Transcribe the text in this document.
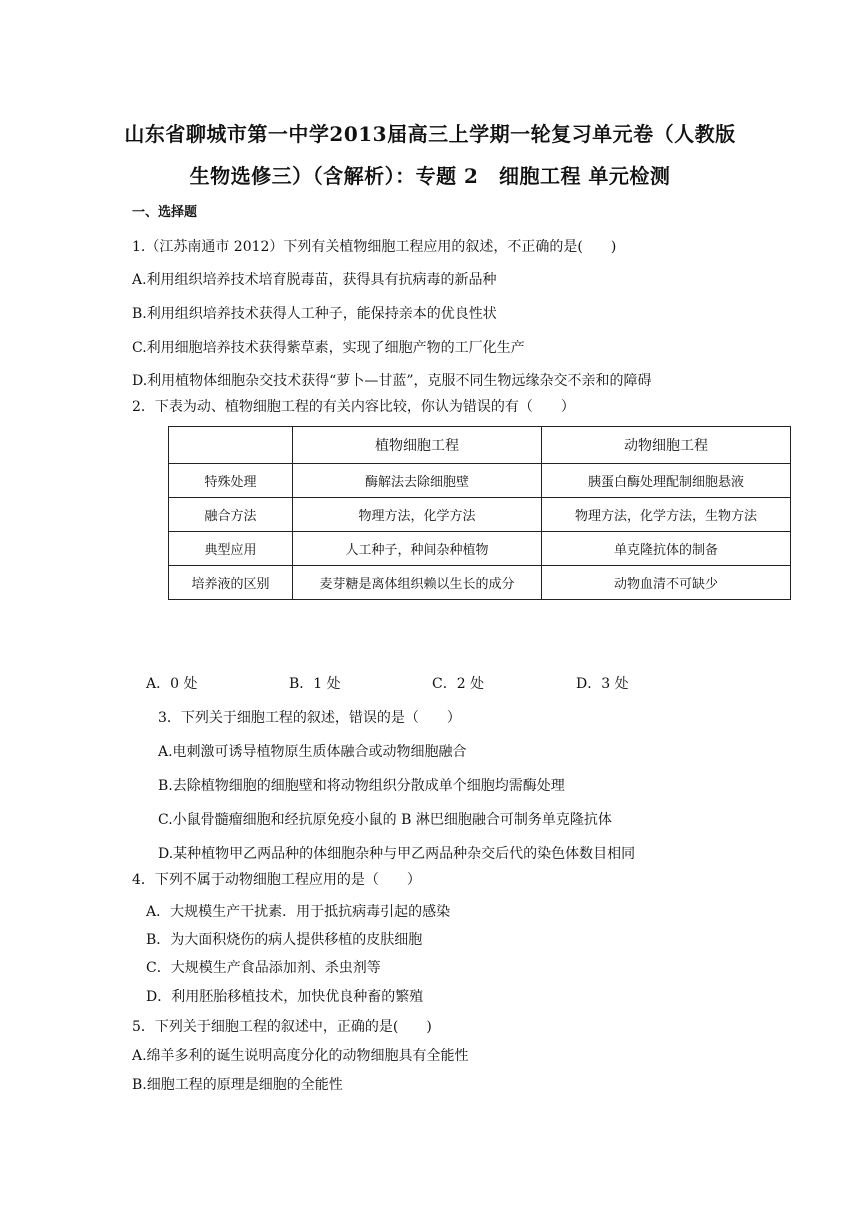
山东省聊城市第一中学2013届高三上学期一轮复习单元卷（人教版
生物选修三）（含解析）：专题 2　细胞工程 单元检测
一、选择题
1.（江苏南通市 2012）下列有关植物细胞工程应用的叙述，不正确的是(　　)
A.利用组织培养技术培育脱毒苗，获得具有抗病毒的新品种
B.利用组织培养技术获得人工种子，能保持亲本的优良性状
C.利用细胞培养技术获得紫草素，实现了细胞产物的工厂化生产
D.利用植物体细胞杂交技术获得“萝卜—甘蓝”，克服不同生物远缘杂交不亲和的障碍
2．下表为动、植物细胞工程的有关内容比较，你认为错误的有（　　）
	植物细胞工程	动物细胞工程
特殊处理	酶解法去除细胞壁	胰蛋白酶处理配制细胞悬液
融合方法	物理方法，化学方法	物理方法，化学方法，生物方法
典型应用	人工种子，种间杂种植物	单克隆抗体的制备
培养液的区别	麦芽糖是离体组织赖以生长的成分	动物血清不可缺少
A．0 处	B．1 处	C．2 处	D．3 处
3．下列关于细胞工程的叙述，错误的是（　　）
A.电刺激可诱导植物原生质体融合或动物细胞融合
B.去除植物细胞的细胞壁和将动物组织分散成单个细胞均需酶处理
C.小鼠骨髓瘤细胞和经抗原免疫小鼠的 B 淋巴细胞融合可制务单克隆抗体
D.某种植物甲乙两品种的体细胞杂种与甲乙两品种杂交后代的染色体数目相同
4．下列不属于动物细胞工程应用的是（　　）
A．大规模生产干扰素．用于抵抗病毒引起的感染
B．为大面积烧伤的病人提供移植的皮肤细胞
C．大规模生产食品添加剂、杀虫剂等
D．利用胚胎移植技术，加快优良种畜的繁殖
5．下列关于细胞工程的叙述中，正确的是(　　)
A.绵羊多利的诞生说明高度分化的动物细胞具有全能性
B.细胞工程的原理是细胞的全能性
